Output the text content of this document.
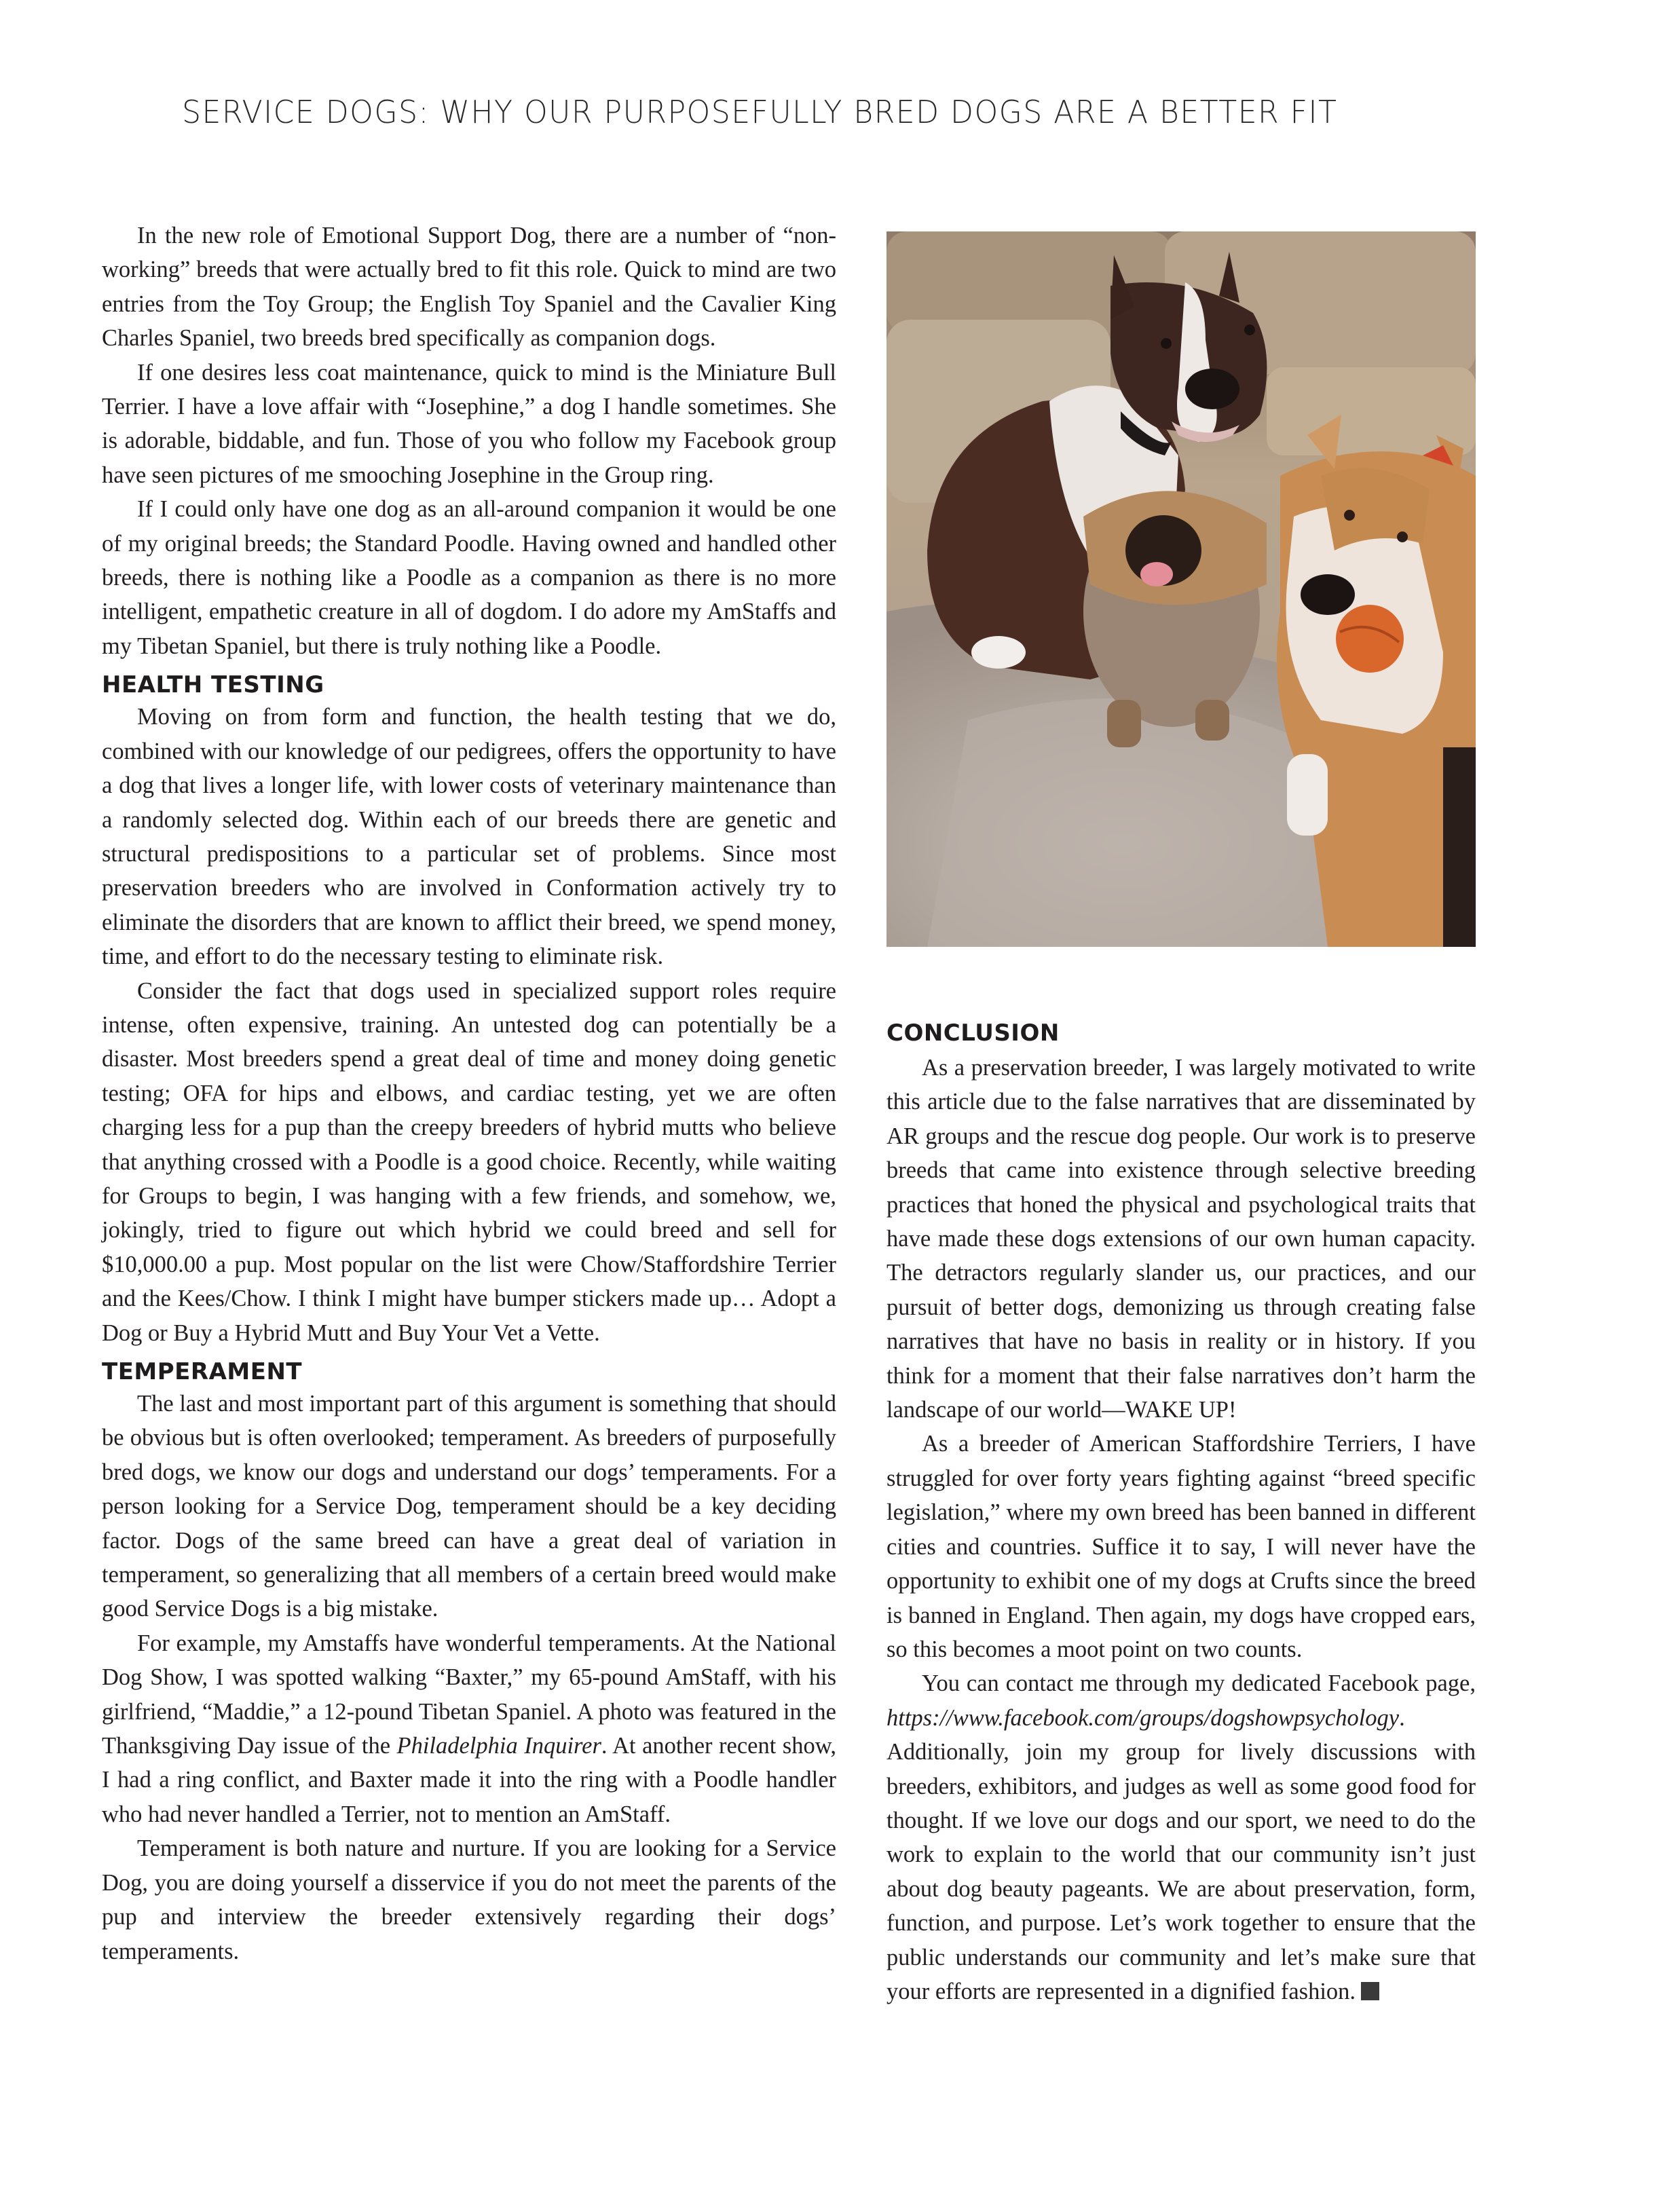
SERVICE DOGS: WHY OUR PURPOSEFULLY BRED DOGS ARE A BETTER FIT

In the new role of Emotional Support Dog, there are a number of “non-working” breeds that were actually bred to fit this role. Quick to mind are two entries from the Toy Group; the English Toy Spaniel and the Cavalier King Charles Spaniel, two breeds bred specifically as companion dogs.

If one desires less coat maintenance, quick to mind is the Miniature Bull Terrier. I have a love affair with “Josephine,” a dog I handle sometimes. She is adorable, biddable, and fun. Those of you who follow my Facebook group have seen pictures of me smooching Josephine in the Group ring.

If I could only have one dog as an all-around companion it would be one of my original breeds; the Standard Poodle. Having owned and handled other breeds, there is nothing like a Poodle as a companion as there is no more intelligent, empathetic creature in all of dogdom. I do adore my AmStaffs and my Tibetan Spaniel, but there is truly nothing like a Poodle.

HEALTH TESTING

Moving on from form and function, the health testing that we do, combined with our knowledge of our pedigrees, offers the opportunity to have a dog that lives a longer life, with lower costs of veterinary maintenance than a randomly selected dog. Within each of our breeds there are genetic and structural predispositions to a particular set of problems. Since most preservation breeders who are involved in Conformation actively try to eliminate the disorders that are known to afflict their breed, we spend money, time, and effort to do the necessary testing to eliminate risk.

Consider the fact that dogs used in specialized support roles require intense, often expensive, training. An untested dog can potentially be a disaster. Most breeders spend a great deal of time and money doing genetic testing; OFA for hips and elbows, and cardiac testing, yet we are often charging less for a pup than the creepy breeders of hybrid mutts who believe that anything crossed with a Poodle is a good choice. Recently, while waiting for Groups to begin, I was hanging with a few friends, and somehow, we, jokingly, tried to figure out which hybrid we could breed and sell for $10,000.00 a pup. Most popular on the list were Chow/Staffordshire Terrier and the Kees/Chow. I think I might have bumper stickers made up… Adopt a Dog or Buy a Hybrid Mutt and Buy Your Vet a Vette.

TEMPERAMENT

The last and most important part of this argument is something that should be obvious but is often overlooked; temperament. As breeders of purposefully bred dogs, we know our dogs and understand our dogs’ temperaments. For a person looking for a Service Dog, temperament should be a key deciding factor. Dogs of the same breed can have a great deal of variation in temperament, so generalizing that all members of a certain breed would make good Service Dogs is a big mistake.

For example, my Amstaffs have wonderful temperaments. At the National Dog Show, I was spotted walking “Baxter,” my 65-pound AmStaff, with his girlfriend, “Maddie,” a 12-pound Tibetan Spaniel. A photo was featured in the Thanksgiving Day issue of the Philadelphia Inquirer. At another recent show, I had a ring conflict, and Baxter made it into the ring with a Poodle handler who had never handled a Terrier, not to mention an AmStaff.

Temperament is both nature and nurture. If you are looking for a Service Dog, you are doing yourself a disservice if you do not meet the parents of the pup and interview the breeder extensively regarding their dogs’ temperaments.

CONCLUSION

As a preservation breeder, I was largely motivated to write this article due to the false narratives that are disseminated by AR groups and the rescue dog people. Our work is to preserve breeds that came into existence through selective breeding practices that honed the physical and psychological traits that have made these dogs extensions of our own human capacity. The detractors regularly slander us, our practices, and our pursuit of better dogs, demonizing us through creating false narratives that have no basis in reality or in history. If you think for a moment that their false narratives don’t harm the landscape of our world—WAKE UP!

As a breeder of American Staffordshire Terriers, I have struggled for over forty years fighting against “breed specific legislation,” where my own breed has been banned in different cities and countries. Suffice it to say, I will never have the opportunity to exhibit one of my dogs at Crufts since the breed is banned in England. Then again, my dogs have cropped ears, so this becomes a moot point on two counts.

You can contact me through my dedicated Facebook page, https://www.facebook.com/groups/dogshowpsychology. Additionally, join my group for lively discussions with breeders, exhibitors, and judges as well as some good food for thought. If we love our dogs and our sport, we need to do the work to explain to the world that our community isn’t just about dog beauty pageants. We are about preservation, form, function, and purpose. Let’s work together to ensure that the public understands our community and let’s make sure that your efforts are represented in a dignified fashion.
